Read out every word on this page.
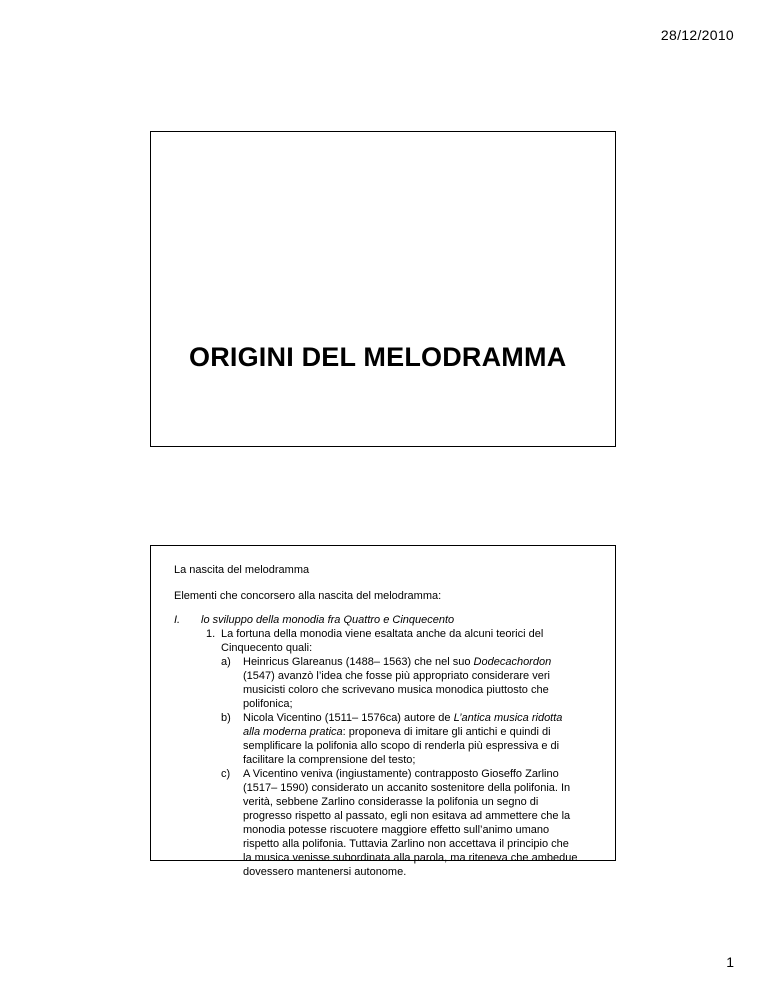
28/12/2010
ORIGINI DEL MELODRAMMA
La nascita del melodramma
Elementi che concorsero alla nascita del melodramma:
I. lo sviluppo della monodia fra Quattro e Cinquecento
1. La fortuna della monodia viene esaltata anche da alcuni teorici del Cinquecento quali:
a) Heinricus Glareanus (1488– 1563) che nel suo Dodecachordon (1547) avanzò l’idea che fosse più appropriato considerare veri musicisti coloro che scrivevano musica monodica piuttosto che polifonica;
b) Nicola Vicentino (1511– 1576ca) autore de L’antica musica ridotta alla moderna pratica: proponeva di imitare gli antichi e quindi di semplificare la polifonia allo scopo di renderla più espressiva e di facilitare la comprensione del testo;
c) A Vicentino veniva (ingiustamente) contrapposto Gioseffo Zarlino (1517– 1590) considerato un accanito sostenitore della polifonia. In verità, sebbene Zarlino considerasse la polifonia un segno di progresso rispetto al passato, egli non esitava ad ammettere che la monodia potesse riscuotere maggiore effetto sull’animo umano rispetto alla polifonia. Tuttavia Zarlino non accettava il principio che la musica venisse subordinata alla parola, ma riteneva che ambedue dovessero mantenersi autonome.
1
